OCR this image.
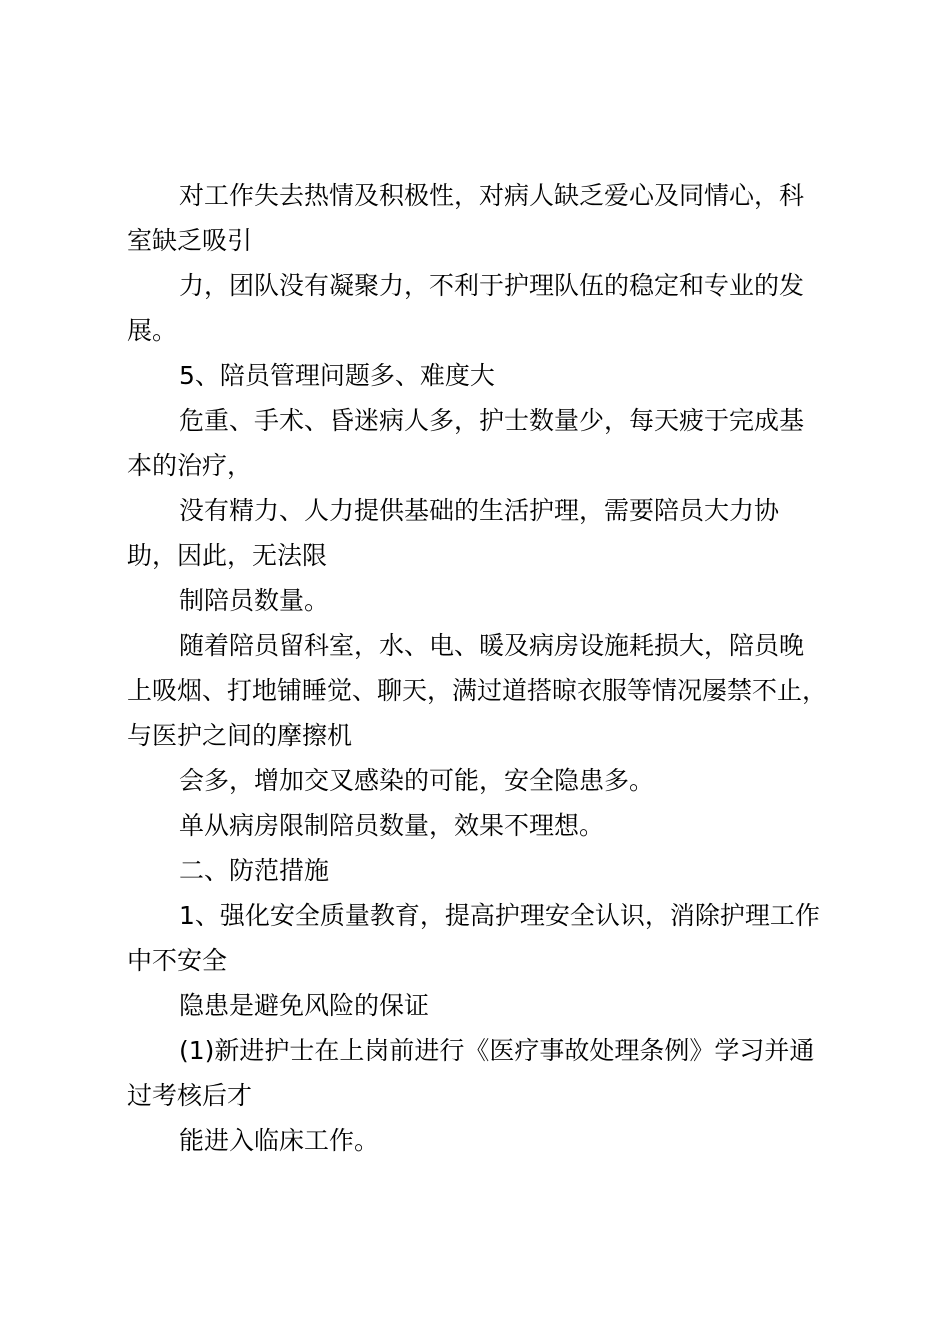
对工作失去热情及积极性，对病人缺乏爱心及同情心，科室缺乏吸引

力，团队没有凝聚力，不利于护理队伍的稳定和专业的发展。

5、陪员管理问题多、难度大

危重、手术、昏迷病人多，护士数量少，每天疲于完成基本的治疗，

没有精力、人力提供基础的生活护理，需要陪员大力协助，因此，无法限

制陪员数量。

随着陪员留科室，水、电、暖及病房设施耗损大，陪员晚上吸烟、打地铺睡觉、聊天，满过道搭晾衣服等情况屡禁不止，与医护之间的摩擦机

会多，增加交叉感染的可能，安全隐患多。

单从病房限制陪员数量，效果不理想。

二、防范措施

1、强化安全质量教育，提高护理安全认识，消除护理工作中不安全

隐患是避免风险的保证

(1)新进护士在上岗前进行《医疗事故处理条例》学习并通过考核后才

能进入临床工作。
